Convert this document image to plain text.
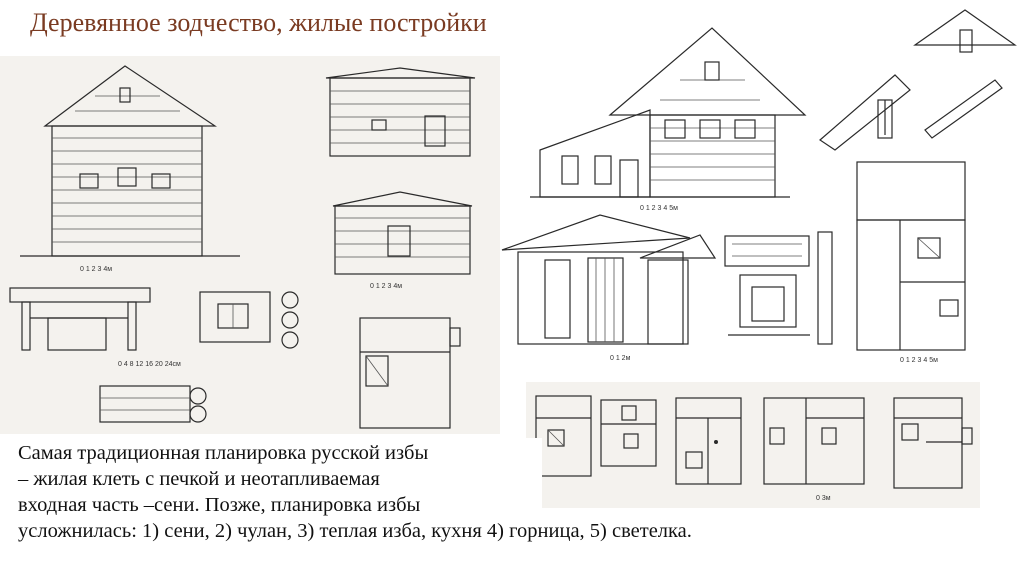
Деревянное зодчество, жилые постройки
0 1 2 3 4м
0 1 2 3 4м
0 4 8 12 16 20 24см
0 1 2 3 4 5м
0 1 2м	0 1 2 3 4 5м
0 3м
Самая традиционная планировка русской избы
– жилая клеть с печкой и неотапливаемая
входная часть –сени. Позже, планировка избы
усложнилась: 1) сени, 2) чулан, 3) теплая изба, кухня 4) горница, 5) светелка.
